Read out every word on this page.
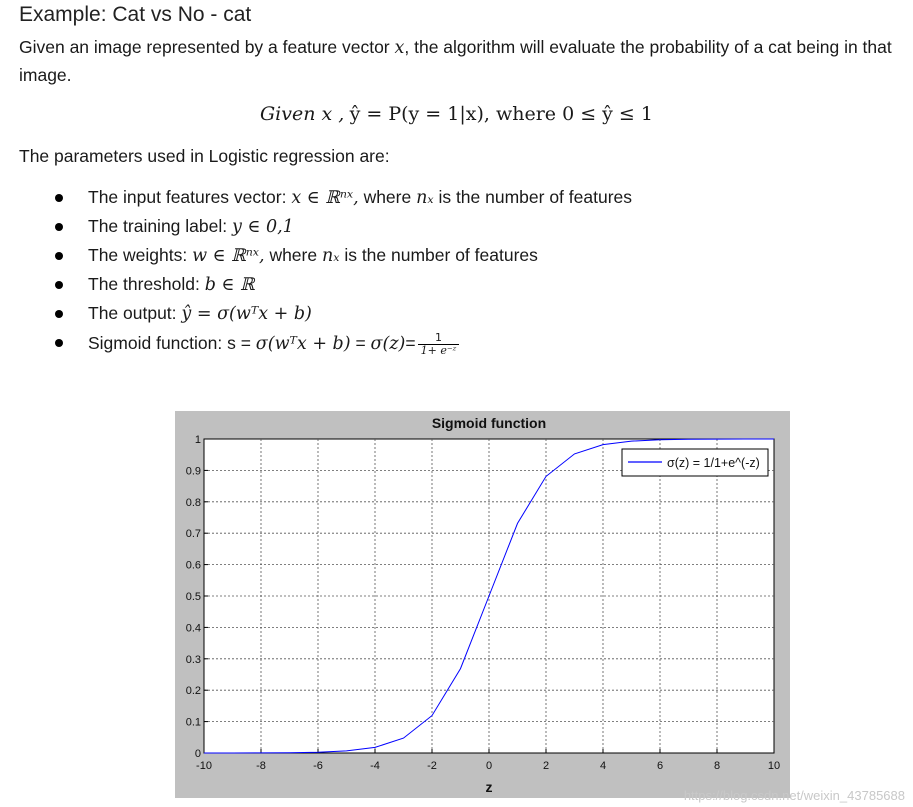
Example: Cat vs No - cat
Given an image represented by a feature vector x, the algorithm will evaluate the probability of a cat being in that image.
Given x , ŷ = P(y = 1|x), where 0 ≤ ŷ ≤ 1
The parameters used in Logistic regression are:
The input features vector: x ∈ ℝⁿˣ, where nₓ is the number of features
The training label: y ∈ 0,1
The weights: w ∈ ℝⁿˣ, where nₓ is the number of features
The threshold: b ∈ ℝ
The output: ŷ = σ(wᵀx + b)
Sigmoid function: s = σ(wᵀx + $b) = \sigma(z)= \frac{1}{\text{1+ e⁻ᶻ}}$
-10	-8	-6	-4	-2	0	2	4	6	8	10
0
0.1
0.2
0.3
0.4
0.5
0.6
0.7
0.8
0.9
1
Sigmoid function
z
σ(z) = 1/1+e^(-z)
https://blog.csdn.net/weixin_43785688
